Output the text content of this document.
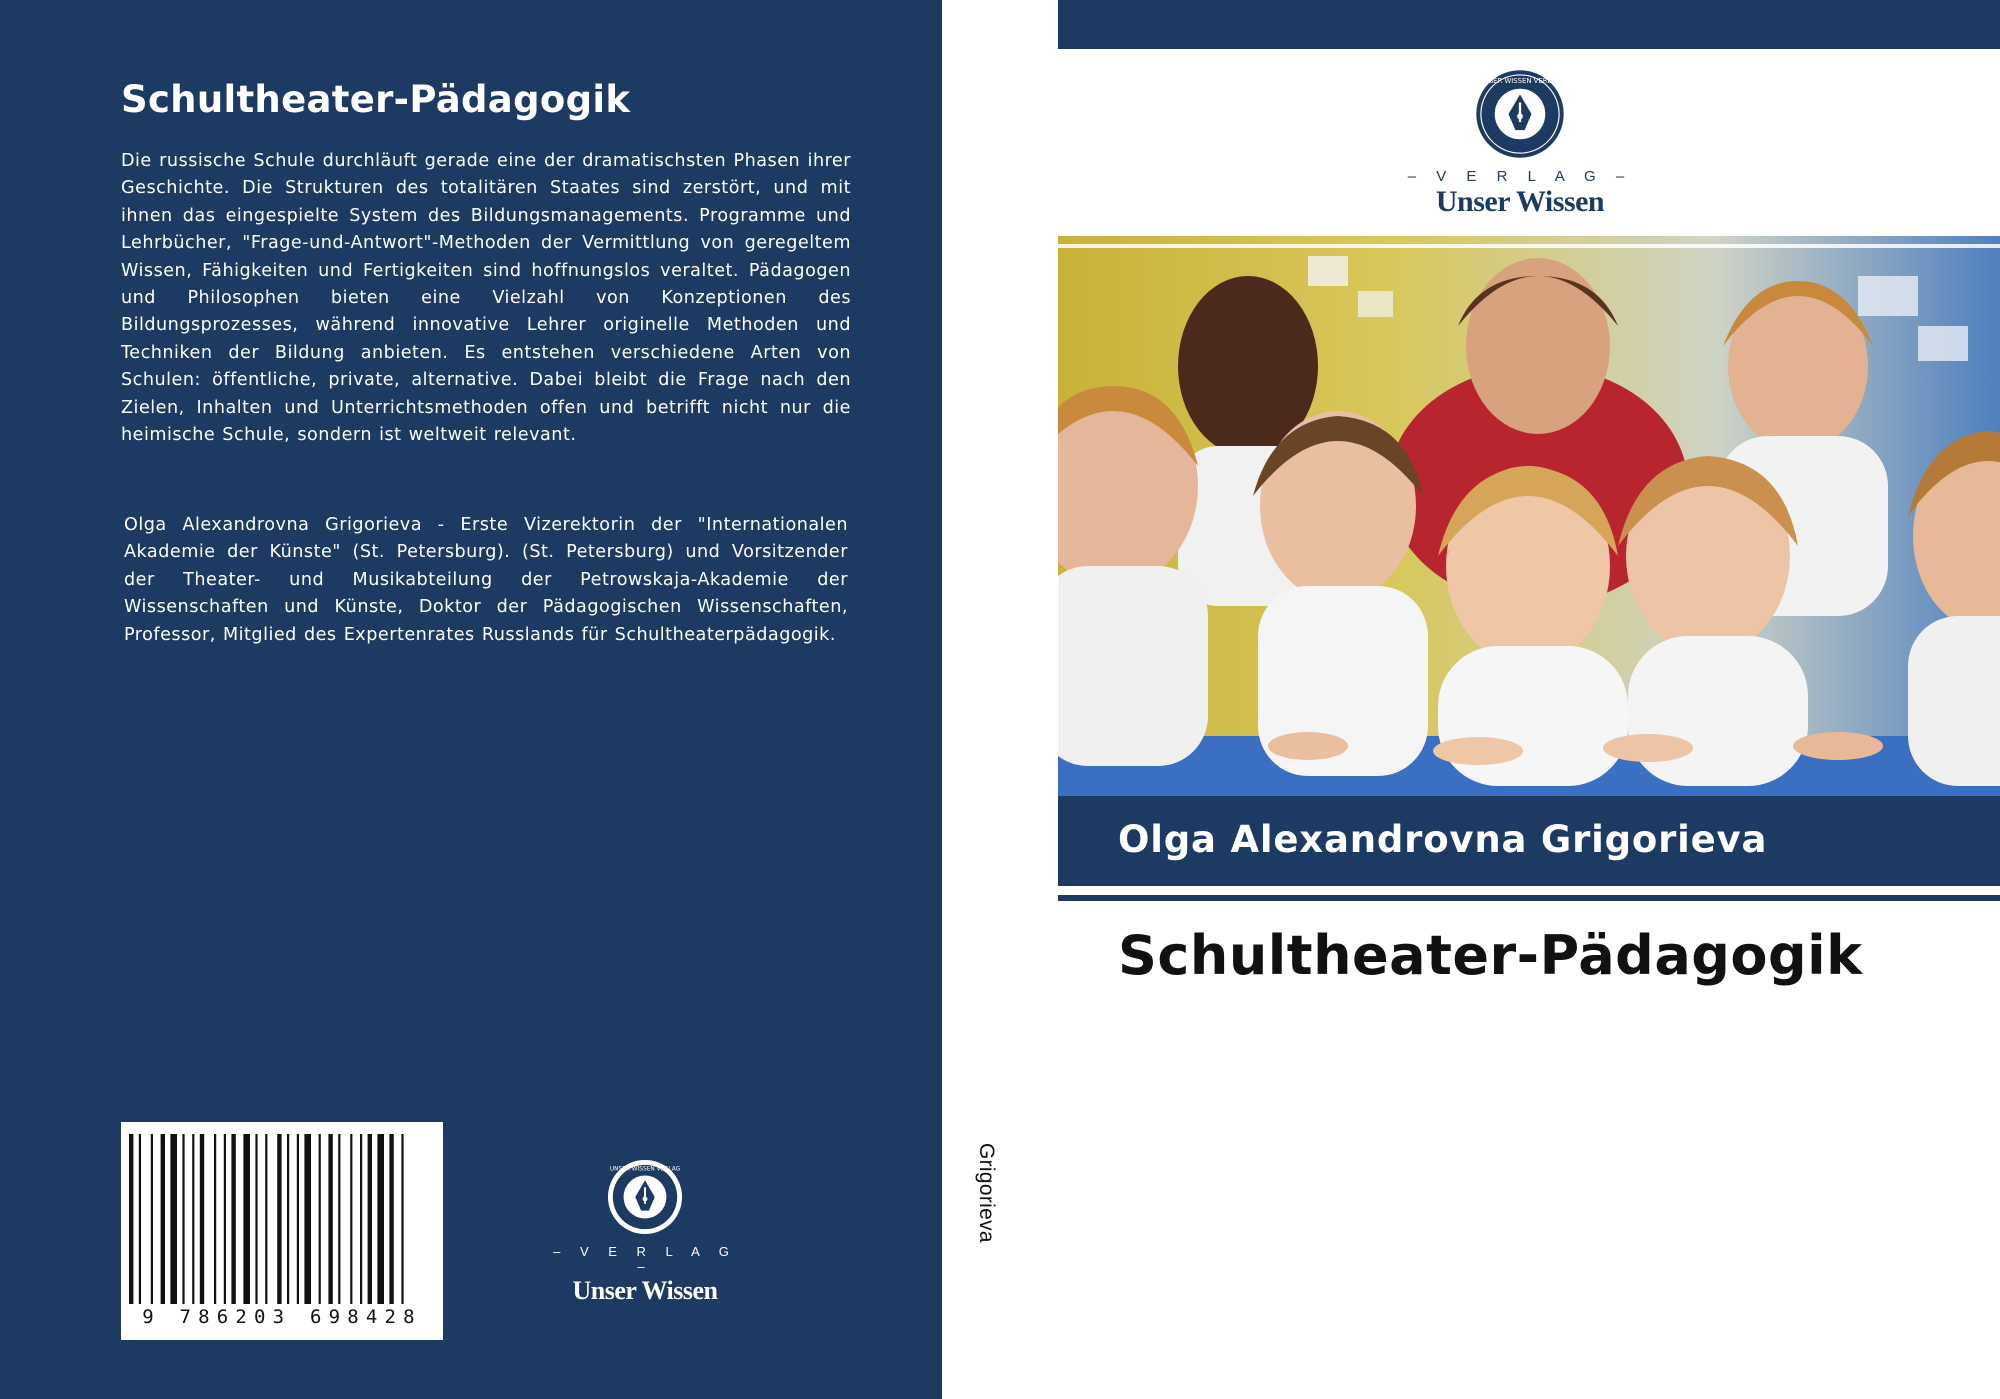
Schultheater-Pädagogik

Die russische Schule durchläuft gerade eine der dramatischsten Phasen ihrer Geschichte. Die Strukturen des totalitären Staates sind zerstört, und mit ihnen das eingespielte System des Bildungsmanagements. Programme und Lehrbücher, "Frage-und-Antwort"-Methoden der Vermittlung von geregeltem Wissen, Fähigkeiten und Fertigkeiten sind hoffnungslos veraltet. Pädagogen und Philosophen bieten eine Vielzahl von Konzeptionen des Bildungsprozesses, während innovative Lehrer originelle Methoden und Techniken der Bildung anbieten. Es entstehen verschiedene Arten von Schulen: öffentliche, private, alternative. Dabei bleibt die Frage nach den Zielen, Inhalten und Unterrichtsmethoden offen und betrifft nicht nur die heimische Schule, sondern ist weltweit relevant.

Olga Alexandrovna Grigorieva - Erste Vizerektorin der "Internationalen Akademie der Künste" (St. Petersburg). (St. Petersburg) und Vorsitzender der Theater- und Musikabteilung der Petrowskaja-Akademie der Wissenschaften und Künste, Doktor der Pädagogischen Wissenschaften, Professor, Mitglied des Expertenrates Russlands für Schultheaterpädagogik.

9 786203 698428
UNSER WISSEN VERLAG
– V E R L A G –
Unser Wissen
Grigorieva
UNSER WISSEN VERLAG
– V E R L A G –
Unser Wissen
Olga Alexandrovna Grigorieva
Schultheater-Pädagogik
